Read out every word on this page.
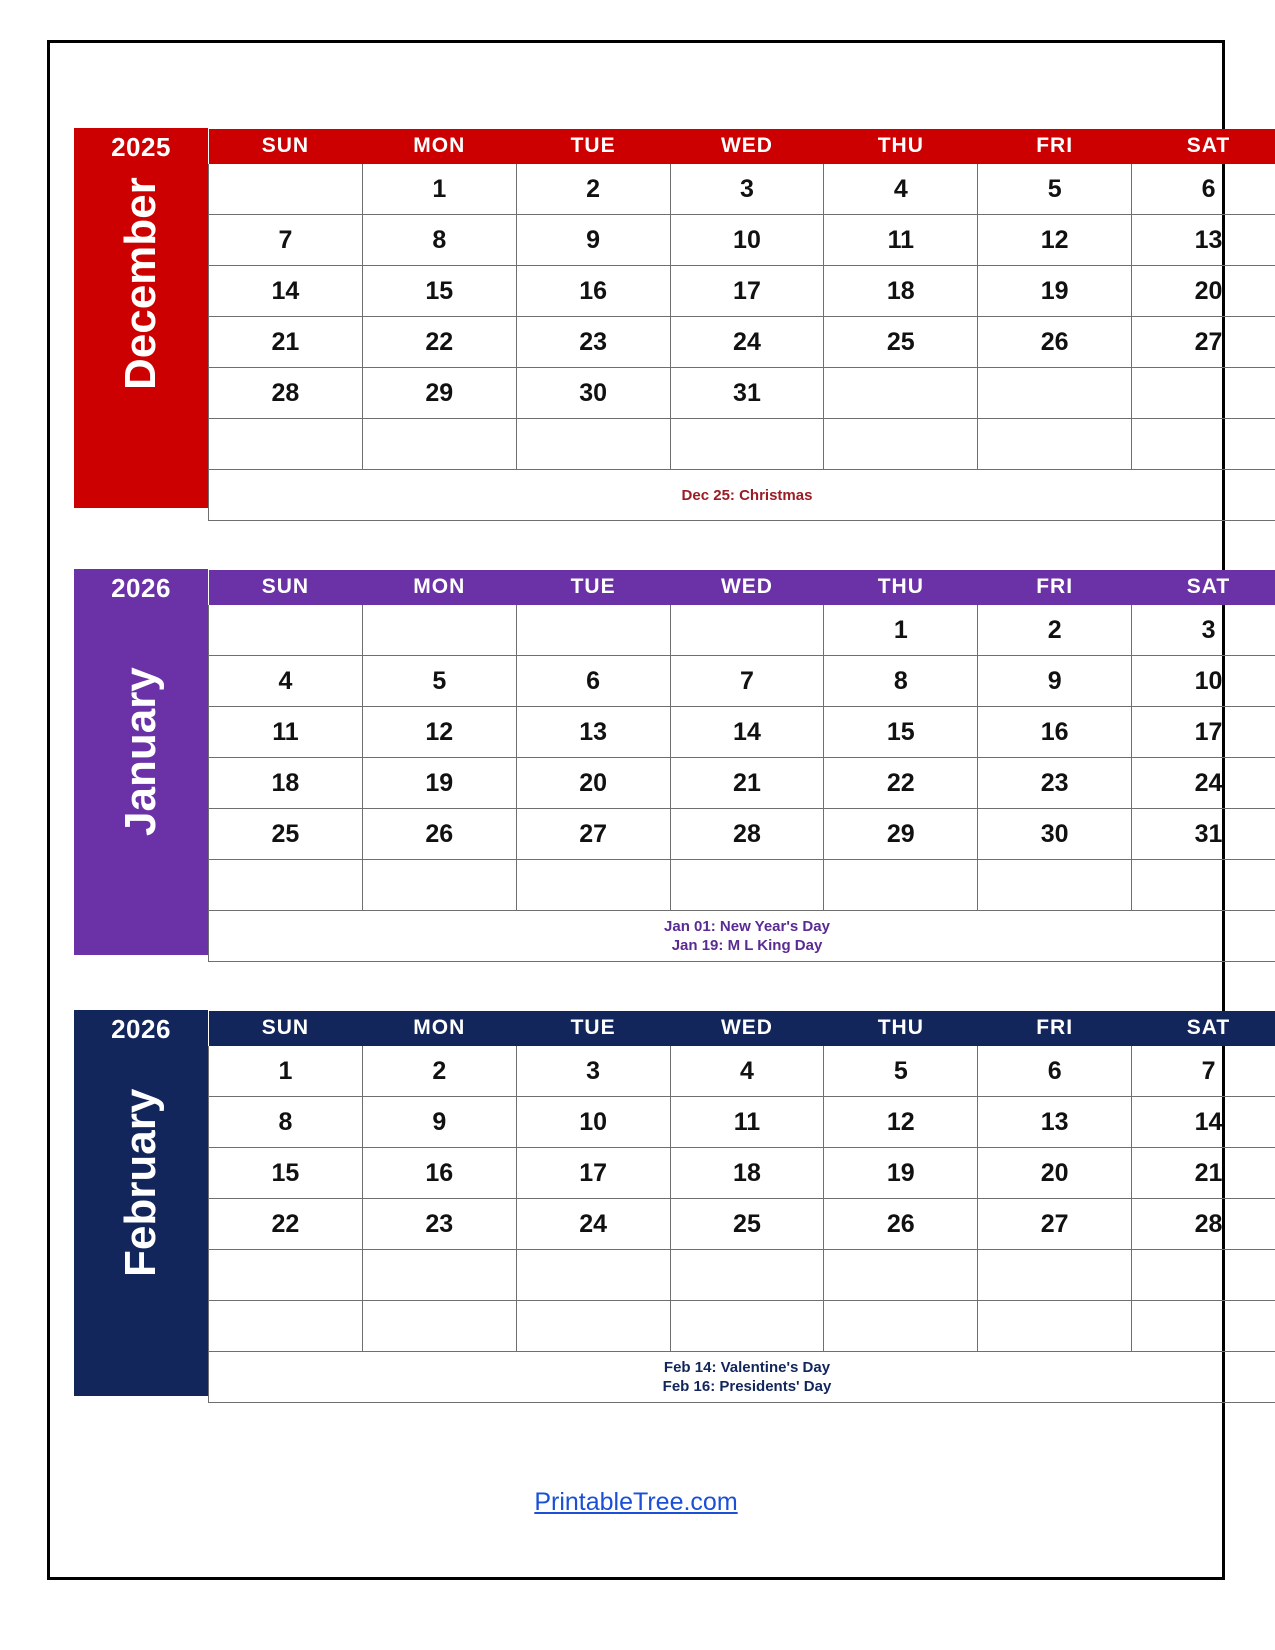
2025
December
SUN	MON	TUE	WED	THU	FRI	SAT
	1	2	3	4	5	6
7	8	9	10	11	12	13
14	15	16	17	18	19	20
21	22	23	24	25	26	27
28	29	30	31			

Dec 25: Christmas						
2026
January
SUN	MON	TUE	WED	THU	FRI	SAT
				1	2	3
4	5	6	7	8	9	10
11	12	13	14	15	16	17
18	19	20	21	22	23	24
25	26	27	28	29	30	31

Jan 01: New Year's Day
Jan 19: M L King Day						
2026
February
SUN	MON	TUE	WED	THU	FRI	SAT
1	2	3	4	5	6	7
8	9	10	11	12	13	14
15	16	17	18	19	20	21
22	23	24	25	26	27	28

Feb 14: Valentine's Day
Feb 16: Presidents' Day						
PrintableTree.com
